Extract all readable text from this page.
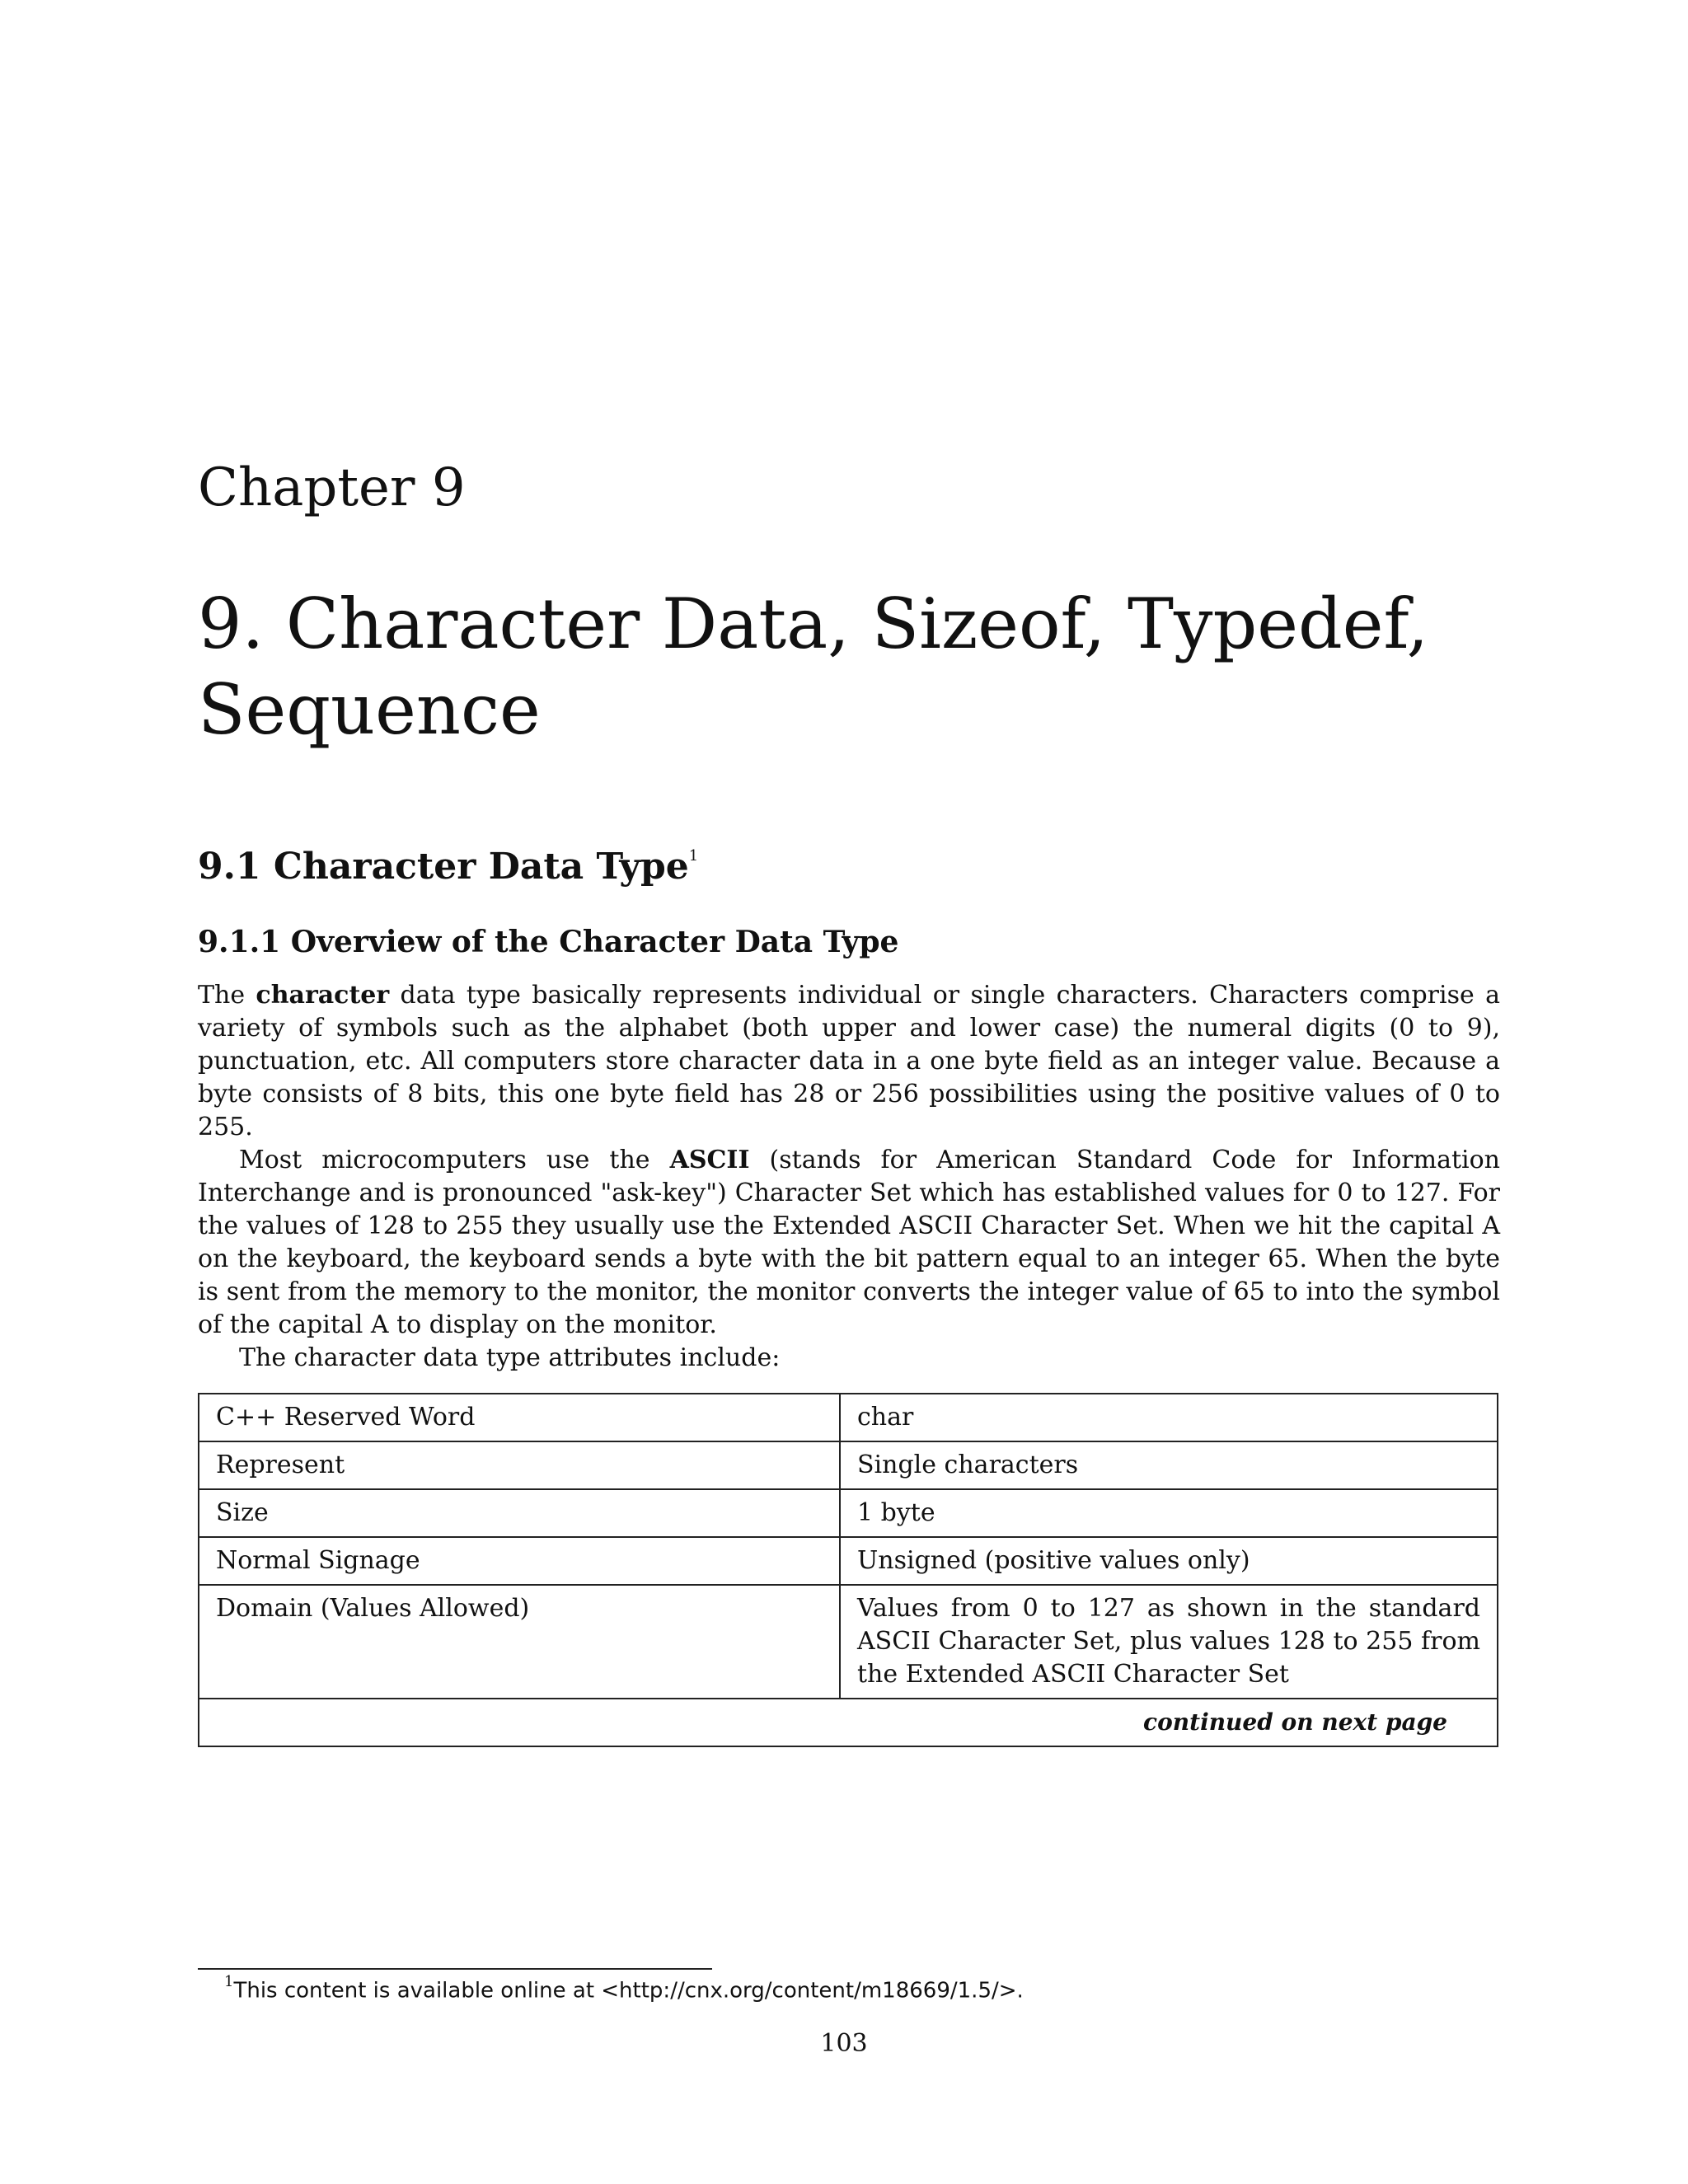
Chapter 9
9. Character Data, Sizeof, Typedef, Sequence
9.1 Character Data Type$^1$
9.1.1 Overview of the Character Data Type

The character data type basically represents individual or single characters. Characters comprise a variety of symbols such as the alphabet (both upper and lower case) the numeral digits (0 to 9), punctuation, etc. All computers store character data in a one byte field as an integer value. Because a byte consists of 8 bits, this one byte field has 28 or 256 possibilities using the positive values of 0 to 255.

Most microcomputers use the ASCII (stands for American Standard Code for Information Interchange and is pronounced "ask-key") Character Set which has established values for 0 to 127. For the values of 128 to 255 they usually use the Extended ASCII Character Set. When we hit the capital A on the keyboard, the keyboard sends a byte with the bit pattern equal to an integer 65. When the byte is sent from the memory to the monitor, the monitor converts the integer value of 65 to into the symbol of the capital A to display on the monitor.

The character data type attributes include:

C++ Reserved Word	char
Represent	Single characters
Size	1 byte
Normal Signage	Unsigned (positive values only)
Domain (Values Allowed)	Values from 0 to 127 as shown in the standard ASCII Character Set, plus values 128 to 255 from the Extended ASCII Character Set
continued on next page	
$^1$This content is available online at <http://cnx.org/content/m18669/1.5/>.
103
